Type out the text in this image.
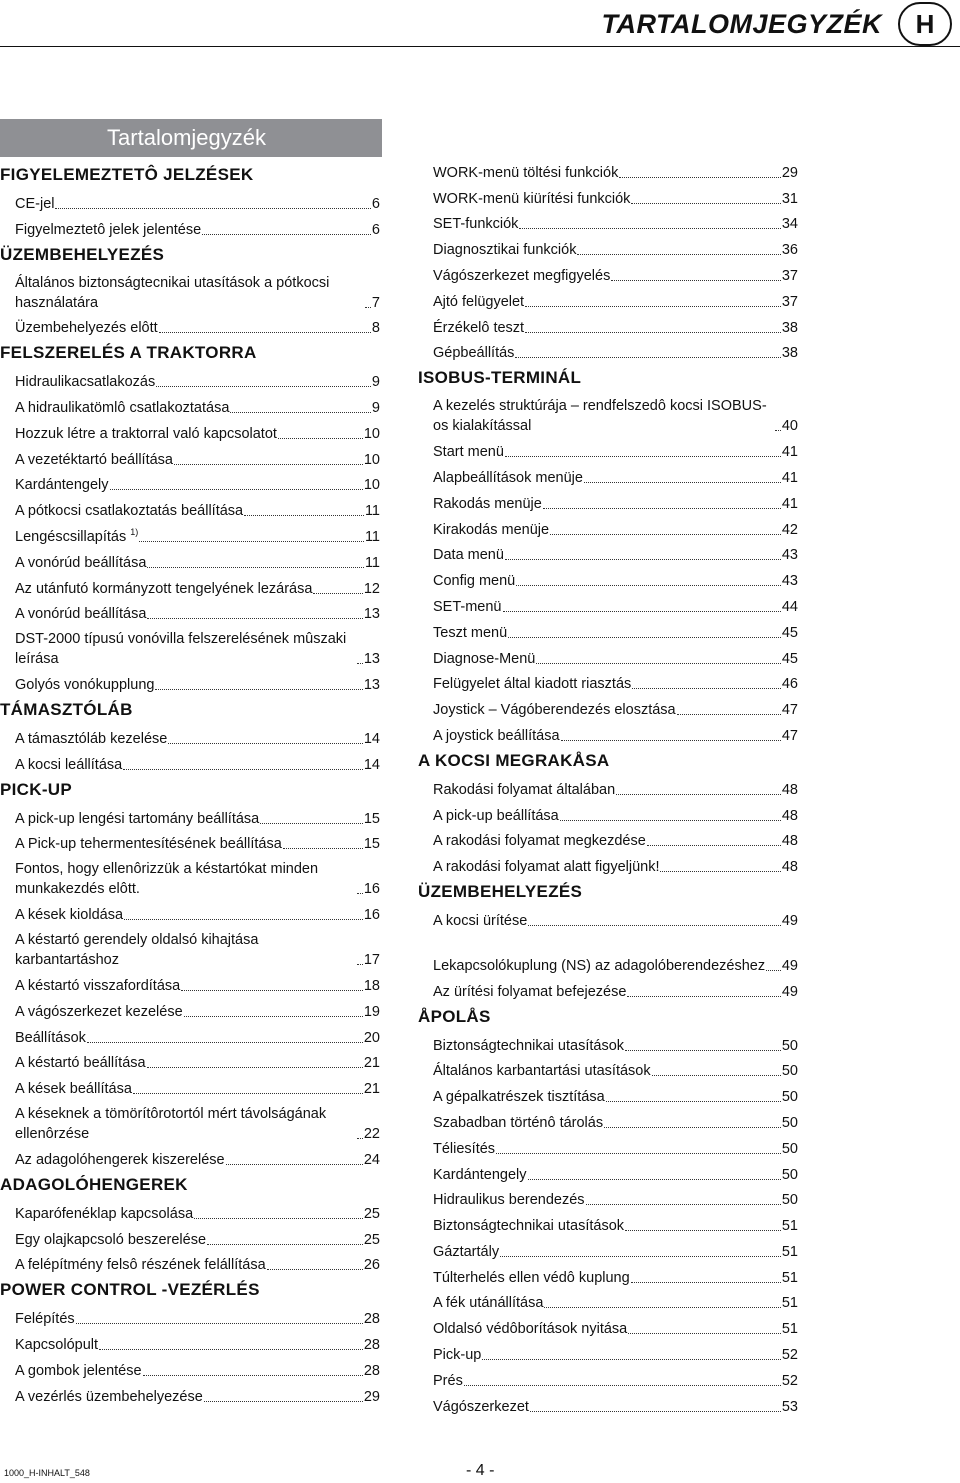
TARTALOMJEGYZÉK	H
Tartalomjegyzék
FIGYELEMEZTETÔ JELZÉSEK
CE-jel	6
Figyelmeztetô jelek jelentése	6
ÜZEMBEHELYEZÉS
Általános biztonságtecnikai utasítások a pótkocsi használatára	7
Üzembehelyezés elôtt	8
FELSZERELÉS A TRAKTORRA
Hidraulikacsatlakozás	9
A hidraulikatömlô csatlakoztatása	9
Hozzuk létre a traktorral való kapcsolatot	10
A vezetéktartó beállítása	10
Kardántengely	10
A pótkocsi csatlakoztatás beállítása	11
Lengéscsillapítás $^{1)}$	11
A vonórúd beállítása	11
Az utánfutó kormányzott tengelyének lezárása	12
A vonórúd beállítása	13
DST-2000 típusú vonóvilla felszerelésének mûszaki leírása	13
Golyós vonókupplung	13
TÁMASZTÓLÁB
A támasztóláb kezelése	14
A kocsi leállítása	14
PICK-UP
A pick-up lengési tartomány beállítása	15
A Pick-up tehermentesítésének beállítása	15
Fontos, hogy ellenôrizzük a késtartókat minden munkakezdés elôtt.	16
A kések kioldása	16
A késtartó gerendely oldalsó kihajtása karbantartáshoz	17
A késtartó visszafordítása	18
A vágószerkezet kezelése	19
Beállítások	20
A késtartó beállítása	21
A kések beállítása	21
A késeknek a tömörítôrotortól mért távolságának ellenôrzése	22
Az adagolóhengerek kiszerelése	24
ADAGOLÓHENGEREK
Kaparófenéklap kapcsolása	25
Egy olajkapcsoló beszerelése	25
A felépítmény felsô részének felállítása	26
POWER CONTROL -VEZÉRLÉS
Felépítés	28
Kapcsolópult	28
A gombok jelentése	28
A vezérlés üzembehelyezése	29
WORK-menü töltési funkciók	29
WORK-menü kiürítési funkciók	31
SET-funkciók	34
Diagnosztikai funkciók	36
Vágószerkezet megfigyelés	37
Ajtó felügyelet	37
Érzékelô teszt	38
Gépbeállítás	38
ISOBUS-TERMINÁL
A kezelés struktúrája – rendfelszedô kocsi ISOBUS-os kialakítással	40
Start menü	41
Alapbeállítások menüje	41
Rakodás menüje	41
Kirakodás menüje	42
Data menü	43
Config menü	43
SET-menü	44
Teszt menü	45
Diagnose-Menü	45
Felügyelet által kiadott riasztás	46
Joystick – Vágóberendezés elosztása	47
A joystick beállítása	47
A KOCSI MEGRAKÅSA
Rakodási folyamat általában	48
A pick-up beállítása	48
A rakodási folyamat megkezdése	48
A rakodási folyamat alatt figyeljünk!	48
ÜZEMBEHELYEZÉS
A kocsi ürítése	49
Lekapcsolókuplung (NS) az adagolóberendezéshez 49
Az ürítési folyamat befejezése	49
ÅPOLÅS
Biztonságtechnikai utasítások	50
Általános karbantartási utasítások	50
A gépalkatrészek tisztítása	50
Szabadban történô tárolás	50
Téliesítés	50
Kardántengely	50
Hidraulikus berendezés	50
Biztonságtechnikai utasítások	51
Gáztartály	51
Túlterhelés ellen védô kuplung	51
A fék utánállítása	51
Oldalsó védôborítások nyitása	51
Pick-up	52
Prés	52
Vágószerkezet	53
1000_H-INHALT_548	- 4 -
